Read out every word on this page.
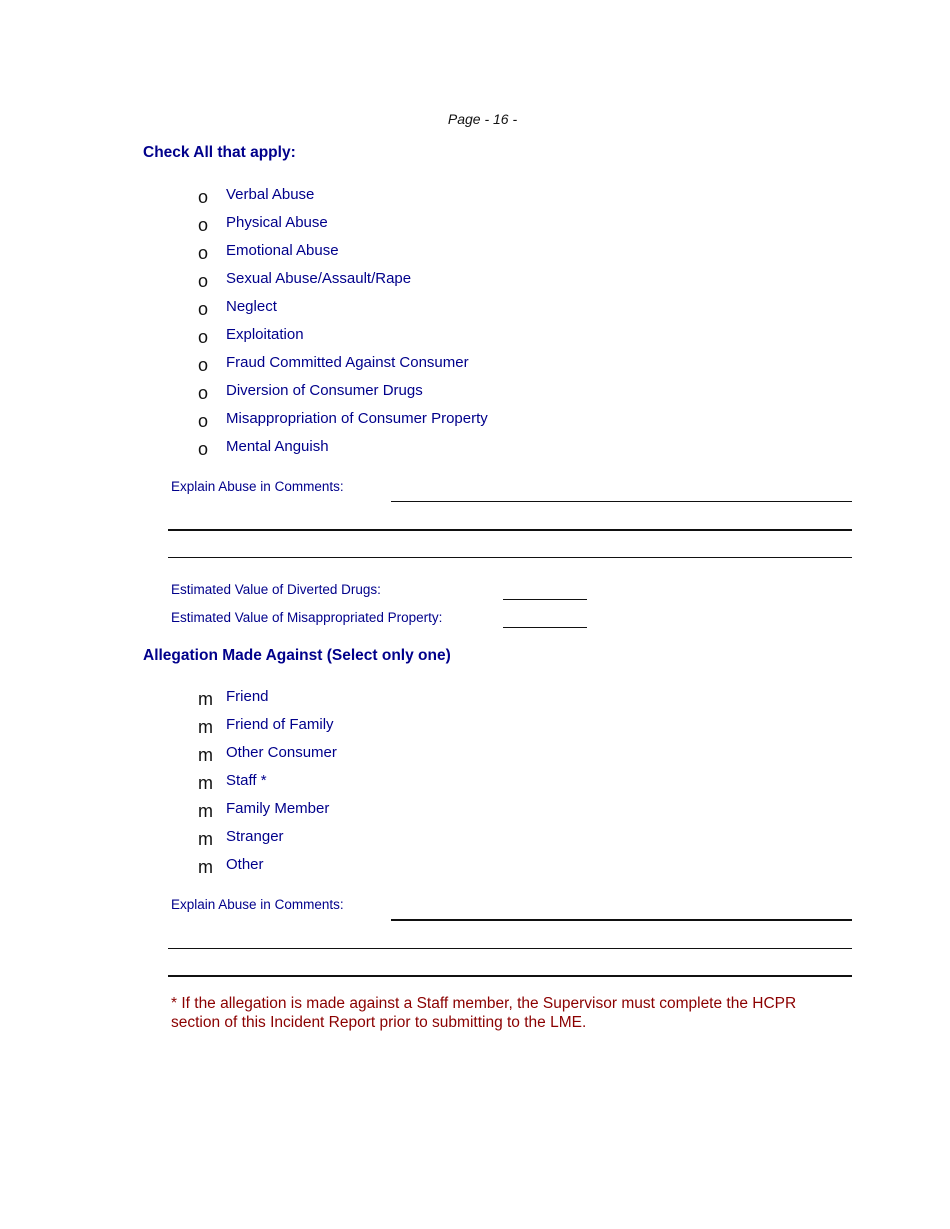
Page - 16 -
Check All that apply:
o Verbal Abuse
o Physical Abuse
o Emotional Abuse
o Sexual Abuse/Assault/Rape
o Neglect
o Exploitation
o Fraud Committed Against Consumer
o Diversion of Consumer Drugs
o Misappropriation of Consumer Property
o Mental Anguish
Explain Abuse in Comments:
Estimated Value of Diverted Drugs:
Estimated Value of Misappropriated Property:
Allegation Made Against (Select only one)
m Friend
m Friend of Family
m Other Consumer
m Staff *
m Family Member
m Stranger
m Other
Explain Abuse in Comments:
* If the allegation is made against a Staff member, the Supervisor must complete the HCPR section of this Incident Report prior to submitting to the LME.
